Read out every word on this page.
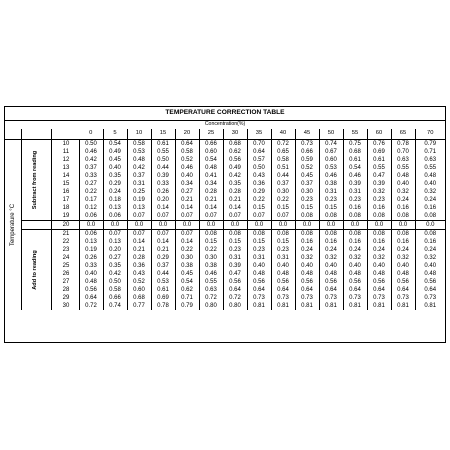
TEMPERATURE CORRECTION TABLE																	
Concentration(%)																	
			0	5	10	15	20	25	30	35	40	45	50	55	60	65	70

Temperature °C	Subtract from reading	10	0.50	0.54	0.58	0.61	0.64	0.66	0.68	0.70	0.72	0.73	0.74	0.75	0.76	0.78	0.79
		11	0.46	0.49	0.53	0.55	0.58	0.60	0.62	0.64	0.65	0.66	0.67	0.68	0.69	0.70	0.71
		12	0.42	0.45	0.48	0.50	0.52	0.54	0.56	0.57	0.58	0.59	0.60	0.61	0.61	0.63	0.63
		13	0.37	0.40	0.42	0.44	0.46	0.48	0.49	0.50	0.51	0.52	0.53	0.54	0.55	0.55	0.55
		14	0.33	0.35	0.37	0.39	0.40	0.41	0.42	0.43	0.44	0.45	0.46	0.46	0.47	0.48	0.48
		15	0.27	0.29	0.31	0.33	0.34	0.34	0.35	0.36	0.37	0.37	0.38	0.39	0.39	0.40	0.40
		16	0.22	0.24	0.25	0.26	0.27	0.28	0.28	0.29	0.30	0.30	0.31	0.31	0.32	0.32	0.32
		17	0.17	0.18	0.19	0.20	0.21	0.21	0.21	0.22	0.22	0.23	0.23	0.23	0.23	0.24	0.24
		18	0.12	0.13	0.13	0.14	0.14	0.14	0.14	0.15	0.15	0.15	0.15	0.16	0.16	0.16	0.16
		19	0.06	0.06	0.07	0.07	0.07	0.07	0.07	0.07	0.07	0.08	0.08	0.08	0.08	0.08	0.08
		20	0.0	0.0	0.0	0.0	0.0	0.0	0.0	0.0	0.0	0.0	0.0	0.0	0.0	0.0	0.0

	Add to reading	21	0.06	0.07	0.07	0.07	0.07	0.08	0.08	0.08	0.08	0.08	0.08	0.08	0.08	0.08	0.08
		22	0.13	0.13	0.14	0.14	0.14	0.15	0.15	0.15	0.15	0.16	0.16	0.16	0.16	0.16	0.16
		23	0.19	0.20	0.21	0.21	0.22	0.22	0.23	0.23	0.23	0.24	0.24	0.24	0.24	0.24	0.24
		24	0.26	0.27	0.28	0.29	0.30	0.30	0.31	0.31	0.31	0.32	0.32	0.32	0.32	0.32	0.32
		25	0.33	0.35	0.36	0.37	0.38	0.38	0.39	0.40	0.40	0.40	0.40	0.40	0.40	0.40	0.40
		26	0.40	0.42	0.43	0.44	0.45	0.46	0.47	0.48	0.48	0.48	0.48	0.48	0.48	0.48	0.48
		27	0.48	0.50	0.52	0.53	0.54	0.55	0.56	0.56	0.56	0.56	0.56	0.56	0.56	0.56	0.56
		28	0.56	0.58	0.60	0.61	0.62	0.63	0.64	0.64	0.64	0.64	0.64	0.64	0.64	0.64	0.64
		29	0.64	0.66	0.68	0.69	0.71	0.72	0.72	0.73	0.73	0.73	0.73	0.73	0.73	0.73	0.73
		30	0.72	0.74	0.77	0.78	0.79	0.80	0.80	0.81	0.81	0.81	0.81	0.81	0.81	0.81	0.81
